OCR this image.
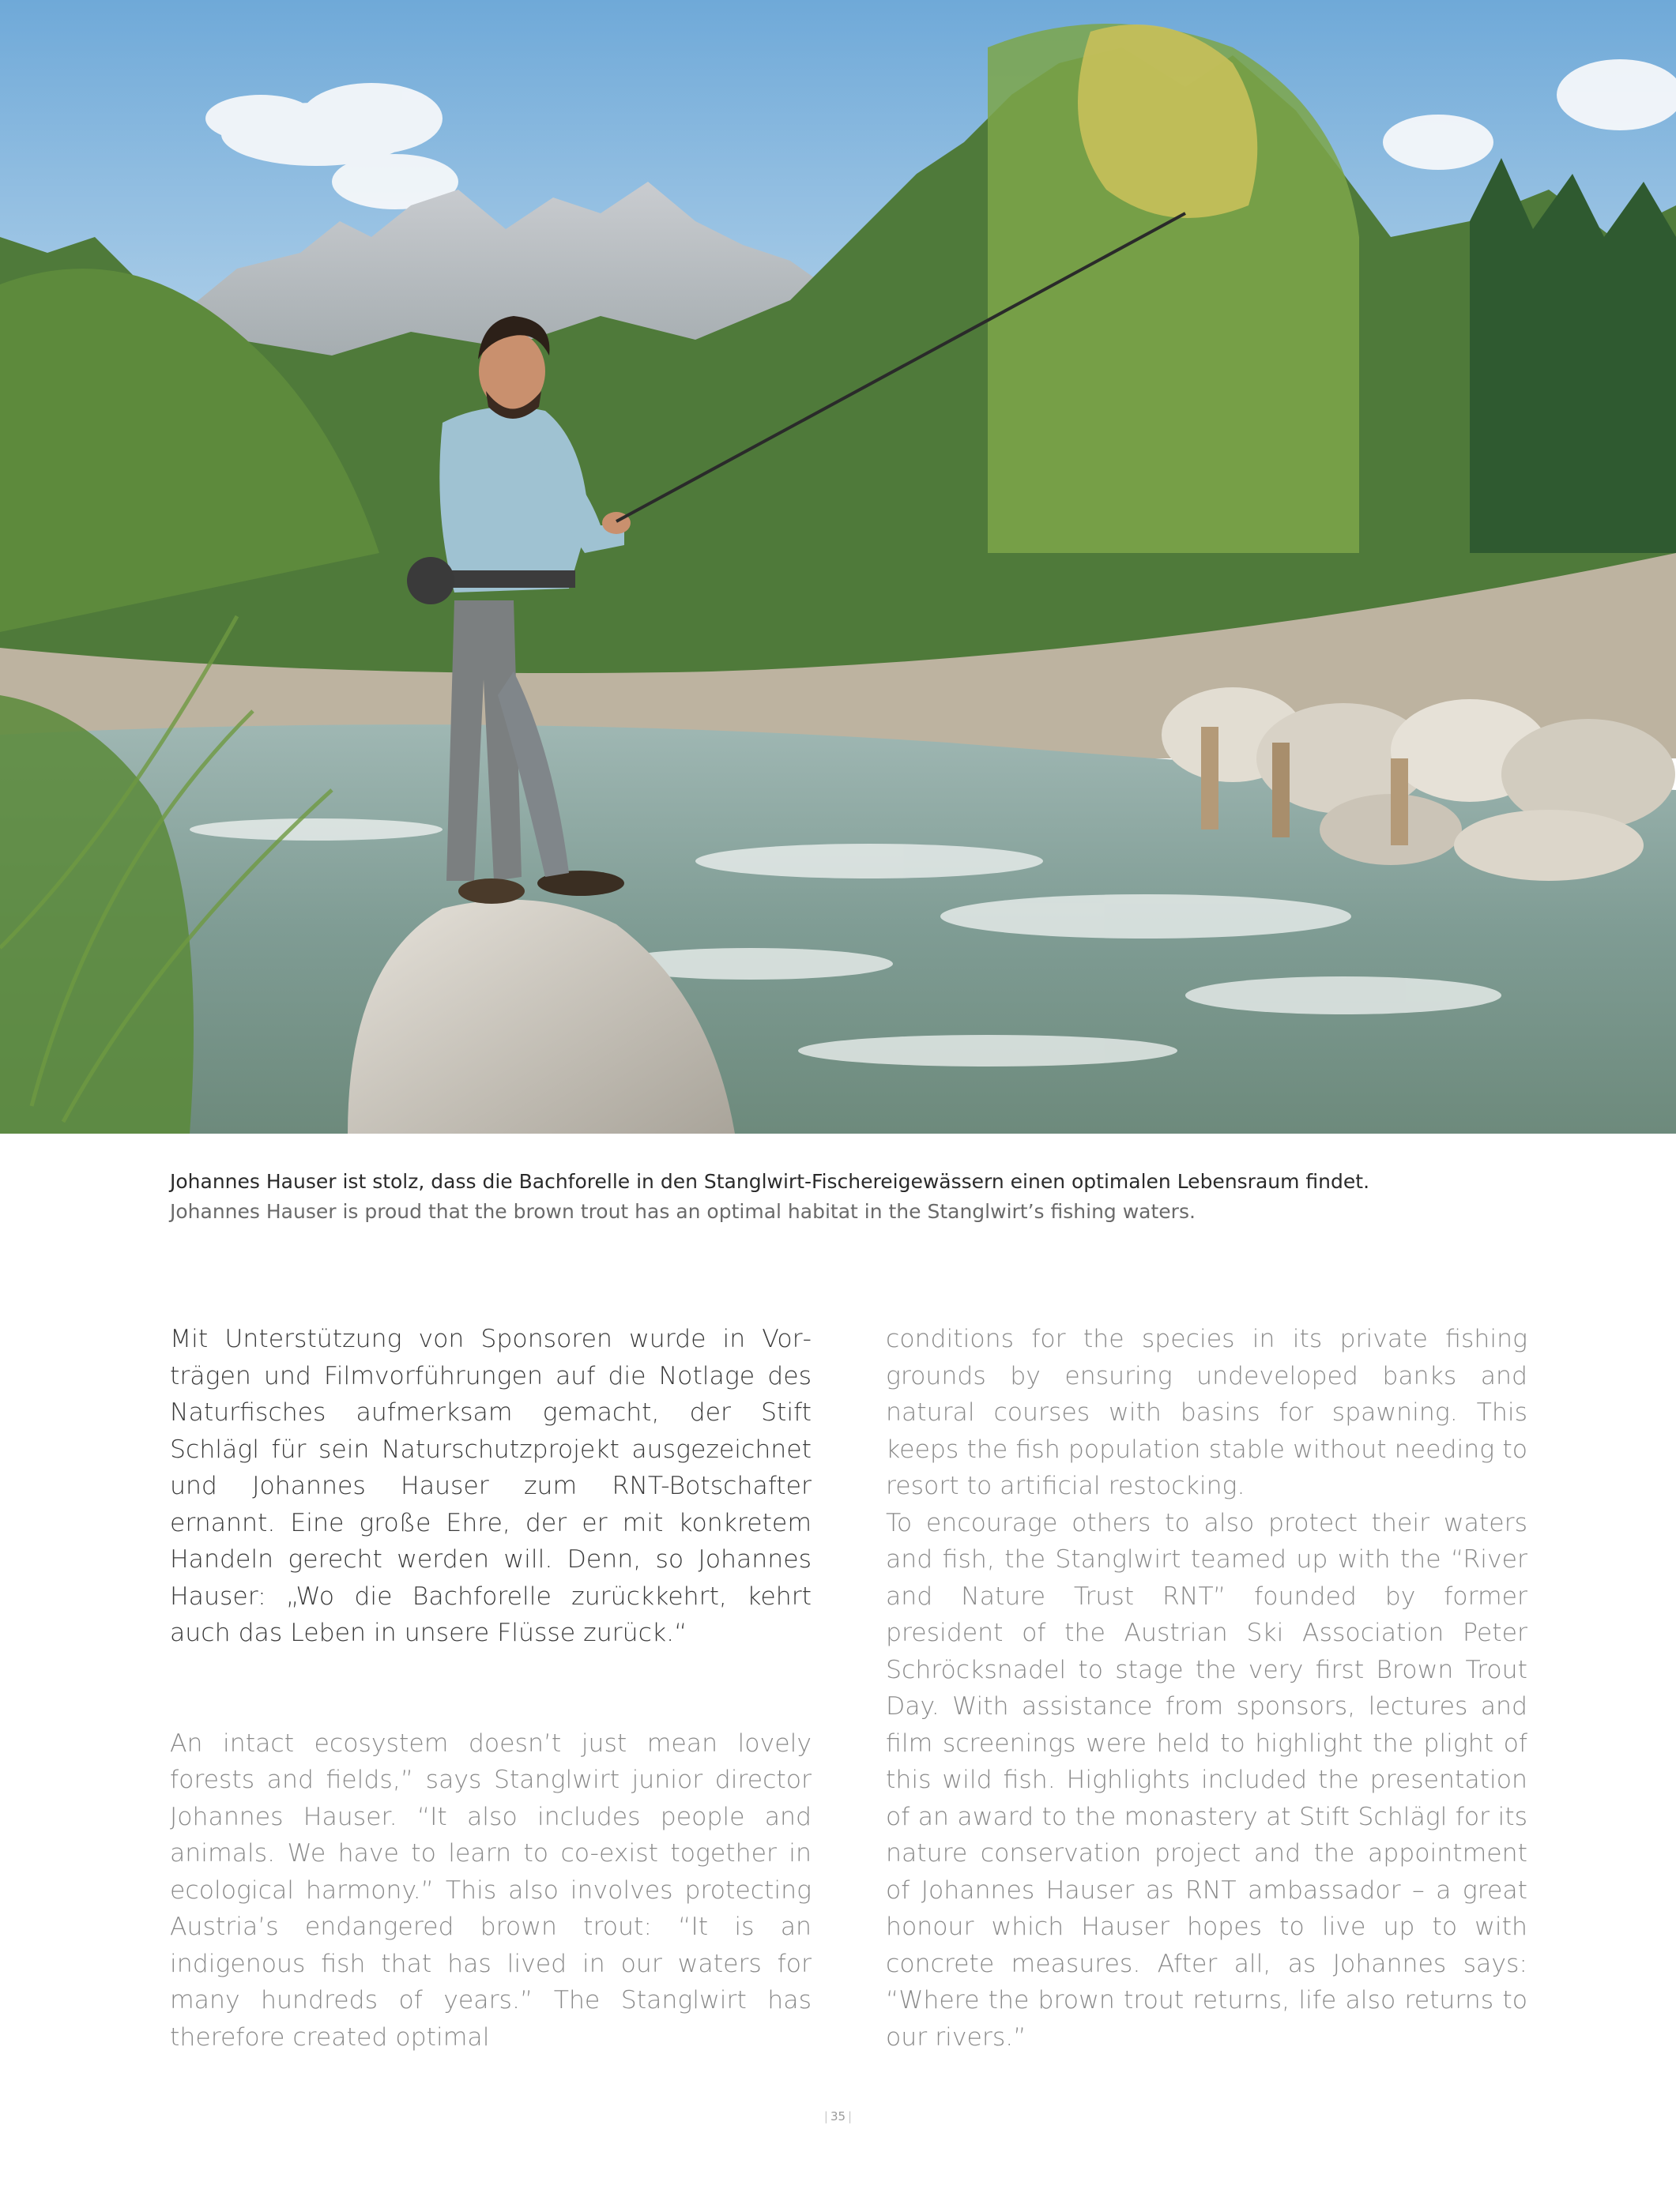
Johannes Hauser ist stolz, dass die Bachforelle in den Stanglwirt-Fischereigewässern einen optimalen Lebensraum findet.
Johannes Hauser is proud that the brown trout has an optimal habitat in the Stanglwirt’s fishing waters.

Mit Unterstützung von Sponsoren wurde in Vorträgen und Filmvorführungen auf die Notlage des Naturfisches aufmerksam gemacht, der Stift Schlägl für sein Naturschutzprojekt ausgezeichnet und Johannes Hauser zum RNT-Botschafter ernannt. Eine große Ehre, der er mit konkretem Handeln gerecht werden will. Denn, so Johannes Hauser: „Wo die Bachforelle zurückkehrt, kehrt auch das Leben in unsere Flüsse zurück.“

An intact ecosystem doesn’t just mean lovely forests and fields,” says Stanglwirt junior director Johannes Hauser. “It also includes people and animals. We have to learn to co-exist together in ecological harmony.” This also involves protecting Austria’s endangered brown trout: “It is an indigenous fish that has lived in our waters for many hundreds of years.” The Stanglwirt has therefore created optimal

conditions for the species in its private fishing grounds by ensuring undeveloped banks and natural courses with basins for spawning. This keeps the fish population stable without needing to resort to artificial restocking.

To encourage others to also protect their waters and fish, the Stanglwirt teamed up with the “River and Nature Trust RNT” founded by former president of the Austrian Ski Association Peter Schröcksnadel to stage the very first Brown Trout Day. With assistance from sponsors, lectures and film screenings were held to highlight the plight of this wild fish. Highlights included the presentation of an award to the monastery at Stift Schlägl for its nature conservation project and the appointment of Johannes Hauser as RNT ambassador – a great honour which Hauser hopes to live up to with concrete measures. After all, as Johannes says: “Where the brown trout returns, life also returns to our rivers.”

| 35 |
